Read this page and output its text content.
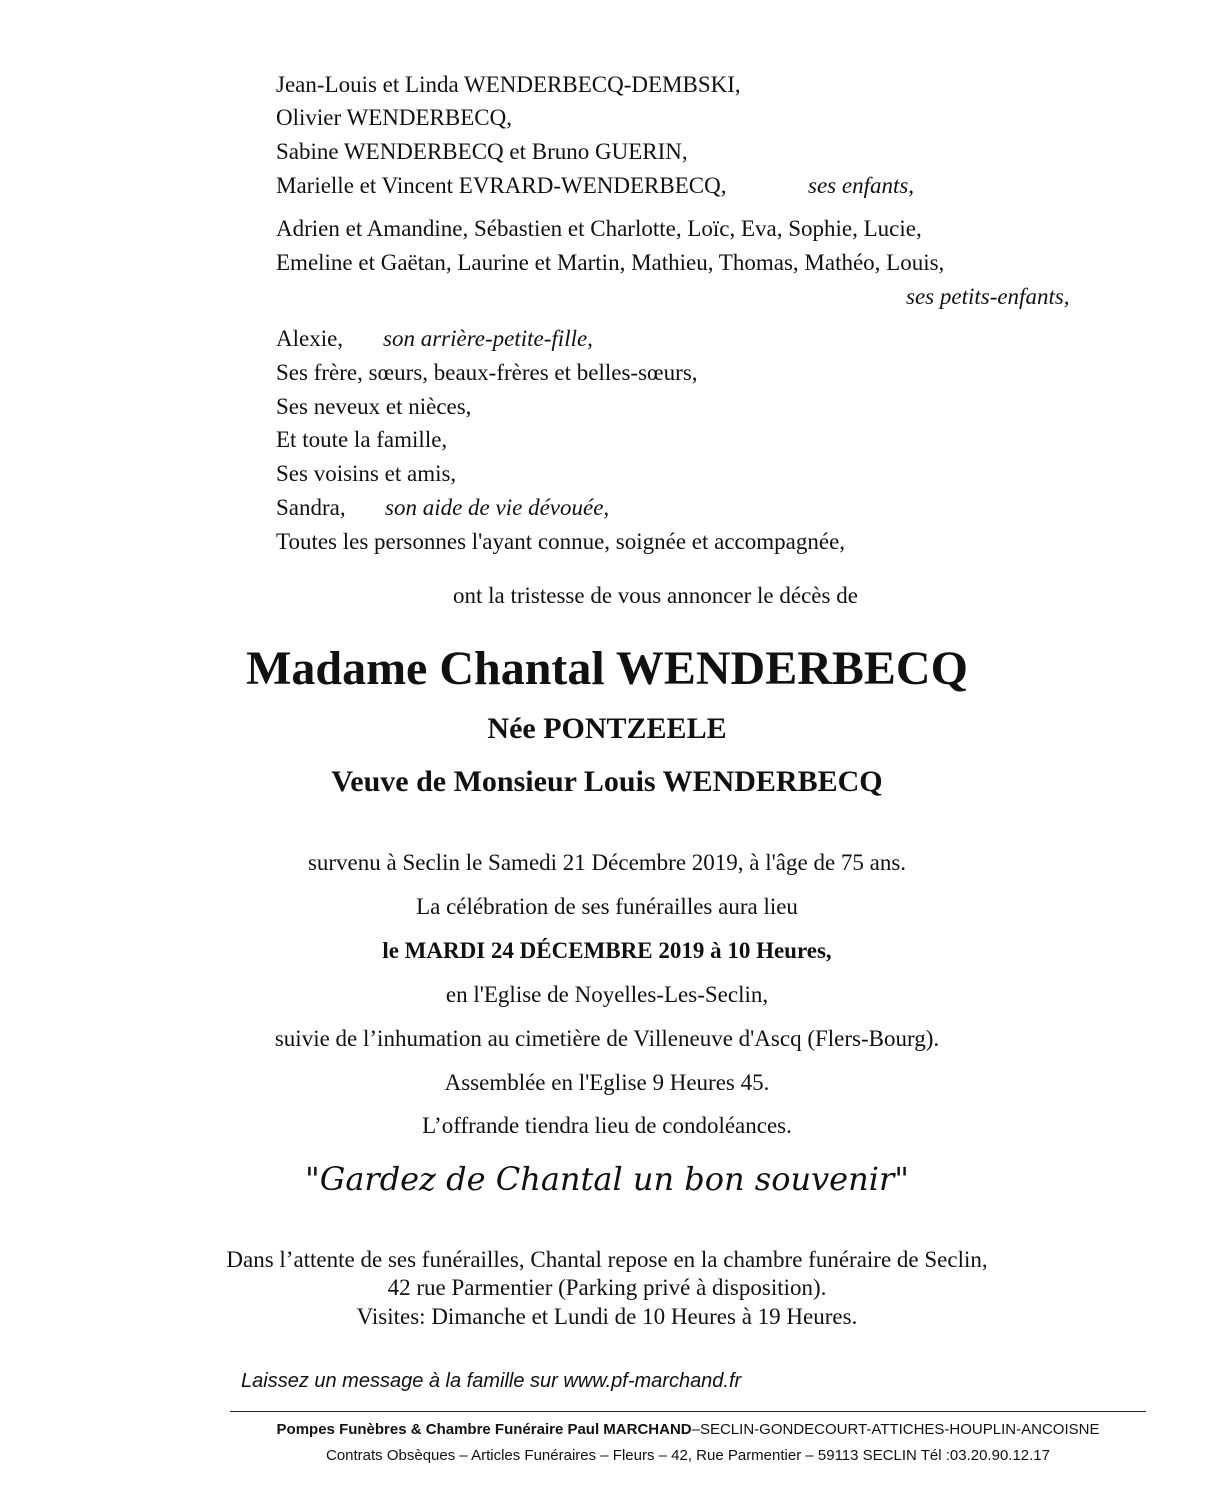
Jean-Louis et Linda WENDERBECQ-DEMBSKI,
Olivier WENDERBECQ,
Sabine WENDERBECQ et Bruno GUERIN,
Marielle et Vincent EVRARD-WENDERBECQ,	ses enfants,
Adrien et Amandine, Sébastien et Charlotte, Loïc, Eva, Sophie, Lucie,
Emeline et Gaëtan, Laurine et Martin, Mathieu, Thomas, Mathéo, Louis,
ses petits-enfants,
Alexie, son arrière-petite-fille,
Ses frère, sœurs, beaux-frères et belles-sœurs,
Ses neveux et nièces,
Et toute la famille,
Ses voisins et amis,
Sandra, son aide de vie dévouée,
Toutes les personnes l'ayant connue, soignée et accompagnée,
ont la tristesse de vous annoncer le décès de
Madame Chantal WENDERBECQ
Née PONTZEELE
Veuve de Monsieur Louis WENDERBECQ
survenu à Seclin le Samedi 21 Décembre 2019, à l'âge de 75 ans.
La célébration de ses funérailles aura lieu
le MARDI 24 DÉCEMBRE 2019 à 10 Heures,
en l'Eglise de Noyelles-Les-Seclin,
suivie de l’inhumation au cimetière de Villeneuve d'Ascq (Flers-Bourg).
Assemblée en l'Eglise 9 Heures 45.
L’offrande tiendra lieu de condoléances.
"Gardez de Chantal un bon souvenir"
Dans l’attente de ses funérailles, Chantal repose en la chambre funéraire de Seclin,
42 rue Parmentier (Parking privé à disposition).
Visites: Dimanche et Lundi de 10 Heures à 19 Heures.
Laissez un message à la famille sur www.pf-marchand.fr
Pompes Funèbres & Chambre Funéraire Paul MARCHAND–SECLIN-GONDECOURT-ATTICHES-HOUPLIN-ANCOISNE
Contrats Obsèques – Articles Funéraires – Fleurs – 42, Rue Parmentier – 59113 SECLIN Tél :03.20.90.12.17
